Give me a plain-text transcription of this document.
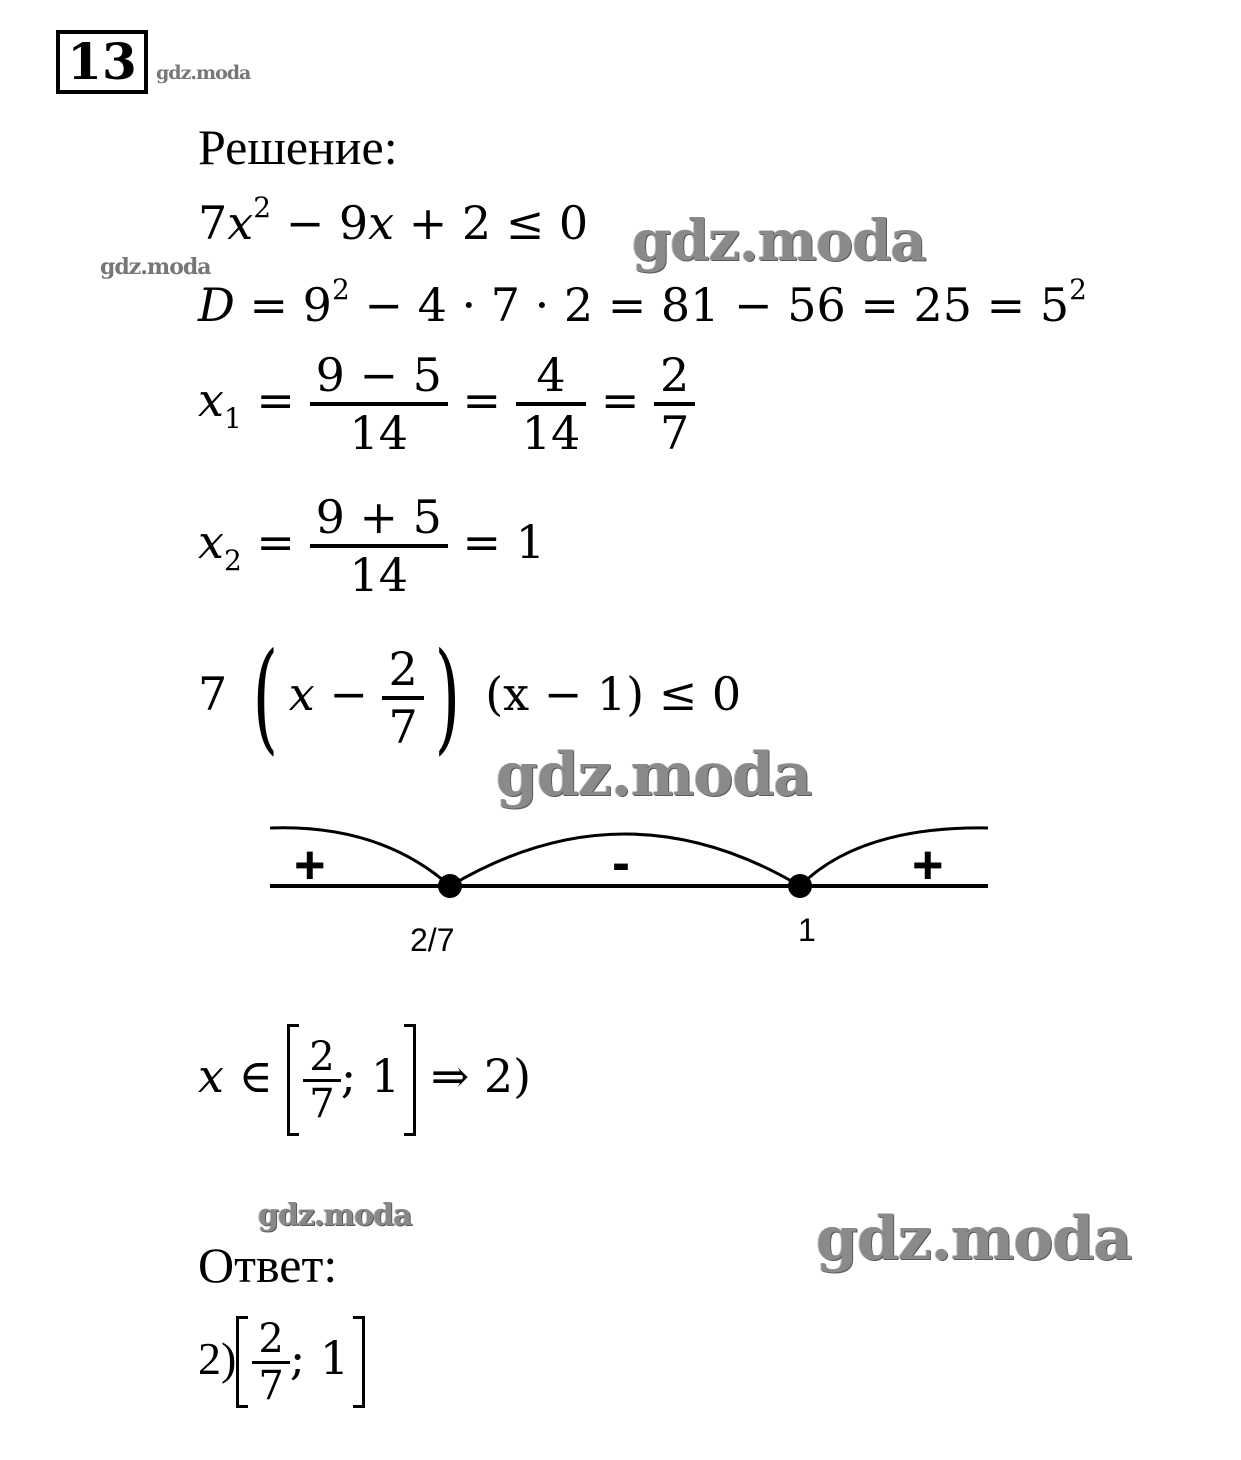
13	gdz.moda
Решение:
$7x^2 - 9x + 2 \le 0$ gdz.moda
gdz.moda
$D = 9^2 - 4 \cdot 7 \cdot 2 = 81 - 56 = 25 = 5^2$
$x_1 = \frac{9 - 5}{14} = \frac{4}{14} = \frac{2}{7}$
$x_2 = \frac{9 + 5}{14} = 1$
7 ( $x - \frac{2}{7}$ ) (x − 1) ≤ 0
gdz.moda
+	-	+
2/7	1
x ∈ $\frac{2}{7}$ ; 1 ⇒ 2)
gdz.moda	gdz.moda
Ответ:
$2) \frac{2}{7}$ ; 1
